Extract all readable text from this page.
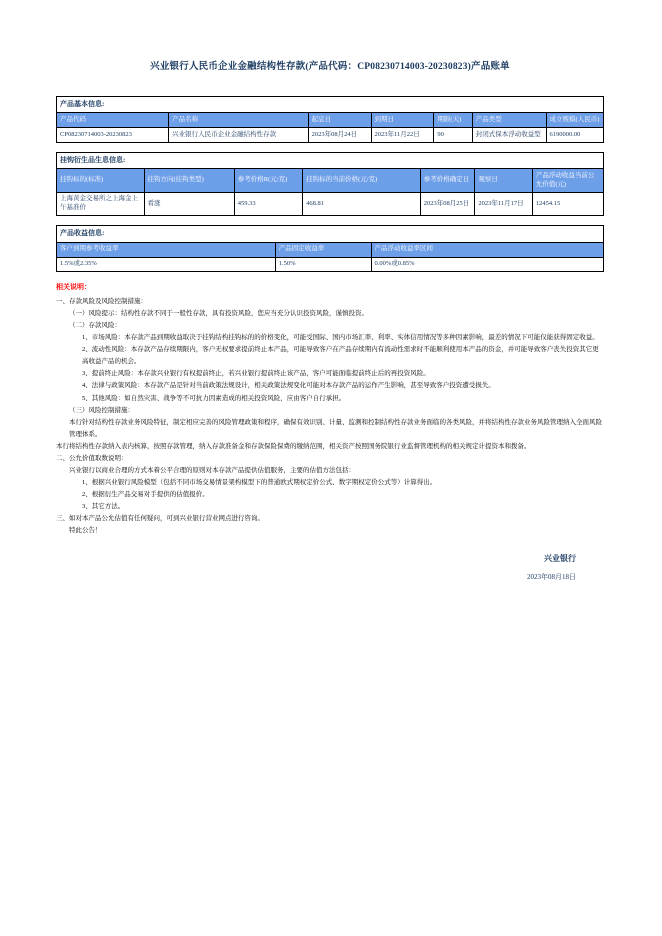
兴业银行人民币企业金融结构性存款(产品代码：CP08230714003-20230823)产品账单
产品基本信息:						
产品代码	产品名称	起息日	到期日	期限(天)	产品类型	成立规模(人民币)
CP08230714003-20230823	兴业银行人民币企业金融结构性存款	2023年08月24日	2023年11月22日	90	封闭式保本浮动收益型	6190000.00
挂钩衍生品生息信息:						
挂钩标的(标准)	挂钩方向(挂钩类型)	参考价格R(元/克)	挂钩标的当前价格(元/克)	参考价格确定日	观察日	产品浮动收益当前公允价值(元)
上海黄金交易所之上海金上午基准价	看涨	459.33	468.81	2023年08月25日	2023年11月17日	12454.15
产品收益信息:		
客户到期参考收益率	产品固定收益率	产品浮动收益率区间
1.5%或2.35%	1.50%	0.00%或0.85%
相关说明：
一、存款风险及风险控制措施：
（一）风险提示：结构性存款不同于一般性存款，具有投资风险，您应当充分认识投资风险，谨慎投资。
（二）存款风险：
1、市场风险：本存款产品到期收益取决于挂钩结构挂钩标的的价格变化，可能受国际、国内市场汇率、利率、实体信用情况等多种因素影响，最差的情况下可能仅能获得固定收益。
2、流动性风险：本存款产品存续期限内，客户无权要求提前终止本产品，可能导致客户在产品存续期内有流动性需求时不能顺利使用本产品的资金，并可能导致客户丧失投资其它更高收益产品的机会。
3、提前终止风险：本存款兴业银行有权提前终止，若兴业银行提前终止该产品，客户可能面临提前终止后的再投资风险。
4、法律与政策风险：本存款产品是针对当前政策法规设计，相关政策法规变化可能对本存款产品的运作产生影响，甚至导致客户投资遭受损失。
5、其他风险：如自然灾害、战争等不可抗力因素造成的相关投资风险，应由客户自行承担。
（三）风险控制措施：
本行针对结构性存款业务风险特征，制定相应完善的风险管理政策和程序，确保有效识别、计量、监测和控制结构性存款业务面临的各类风险，并将结构性存款业务风险管理纳入全面风险管理体系。
本行将结构性存款纳入表内核算，按照存款管理，纳入存款准备金和存款保险保费的缴纳范围，相关资产按照国务院银行业监督管理机构的相关规定计提资本和拨备。
二、公允价值取数说明：
兴业银行以商业合理的方式本着公平合理的原则对本存款产品提供估值服务，主要的估值方法包括：
1、根据兴业银行风险模型（包括不同市场交易情景架构模型下的普通欧式期权定价公式、数字期权定价公式等）计算得出。
2、根据衍生产品交易对手提供的估值报价。
3、其它方法。
三、如对本产品公允估值有任何疑问，可到兴业银行营业网点进行咨询。
特此公告！
兴业银行
2023年08月18日
